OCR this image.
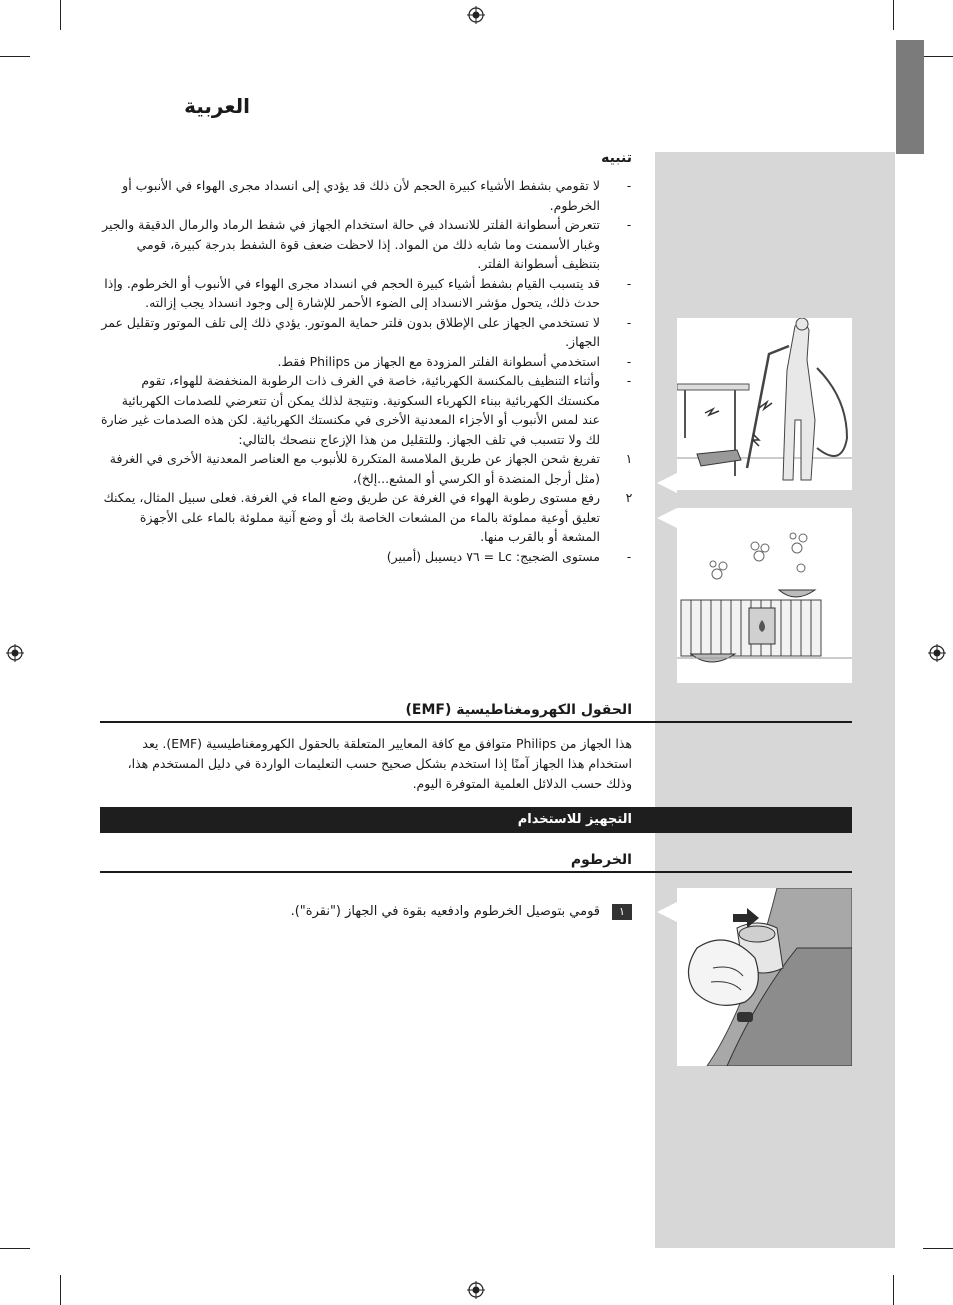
العربية
تنبيه
-
لا تقومي بشفط الأشياء كبيرة الحجم لأن ذلك قد يؤدي إلى انسداد مجرى الهواء في الأنبوب أو الخرطوم.
-
تتعرض أسطوانة الفلتر للانسداد في حالة استخدام الجهاز في شفط الرماد والرمال الدقيقة والجير وغبار الأسمنت وما شابه ذلك من المواد. إذا لاحظت ضعف قوة الشفط بدرجة كبيرة، قومي بتنظيف أسطوانة الفلتر.
-
قد يتسبب القيام بشفط أشياء كبيرة الحجم في انسداد مجرى الهواء في الأنبوب أو الخرطوم. وإذا حدث ذلك، يتحول مؤشر الانسداد إلى الضوء الأحمر للإشارة إلى وجود انسداد يجب إزالته.
-
لا تستخدمي الجهاز على الإطلاق بدون فلتر حماية الموتور. يؤدي ذلك إلى تلف الموتور وتقليل عمر الجهاز.
-
استخدمي أسطوانة الفلتر المزودة مع الجهاز من Philips فقط.
-
وأثناء التنظيف بالمكنسة الكهربائية، خاصة في الغرف ذات الرطوبة المنخفضة للهواء، تقوم مكنستك الكهربائية ببناء الكهرباء السكونية. ونتيجة لذلك يمكن أن تتعرضي للصدمات الكهربائية عند لمس الأنبوب أو الأجزاء المعدنية الأخرى في مكنستك الكهربائية. لكن هذه الصدمات غير ضارة لك ولا تتسبب في تلف الجهاز. وللتقليل من هذا الإزعاج ننصحك بالتالي:
١
تفريغ شحن الجهاز عن طريق الملامسة المتكررة للأنبوب مع العناصر المعدنية الأخرى في الغرفة (مثل أرجل المنضدة أو الكرسي أو المشع...إلخ)،
٢
رفع مستوى رطوبة الهواء في الغرفة عن طريق وضع الماء في الغرفة. فعلى سبيل المثال، يمكنك تعليق أوعية مملوئة بالماء من المشعات الخاصة بك أو وضع آنية مملوئة بالماء على الأجهزة المشعة أو بالقرب منها.
-
مستوى الضجيج: Lc = ٧٦ ديسيبل (أمبير)
الحقول الكهرومغناطيسية (EMF)
هذا الجهاز من Philips متوافق مع كافة المعايير المتعلقة بالحقول الكهرومغناطيسية (EMF). يعد استخدام هذا الجهاز آمنًا إذا استخدم بشكل صحيح حسب التعليمات الواردة في دليل المستخدم هذا، وذلك حسب الدلائل العلمية المتوفرة اليوم.
التجهيز للاستخدام
الخرطوم
١
قومي بتوصيل الخرطوم وادفعيه بقوة في الجهاز ("نقرة").
